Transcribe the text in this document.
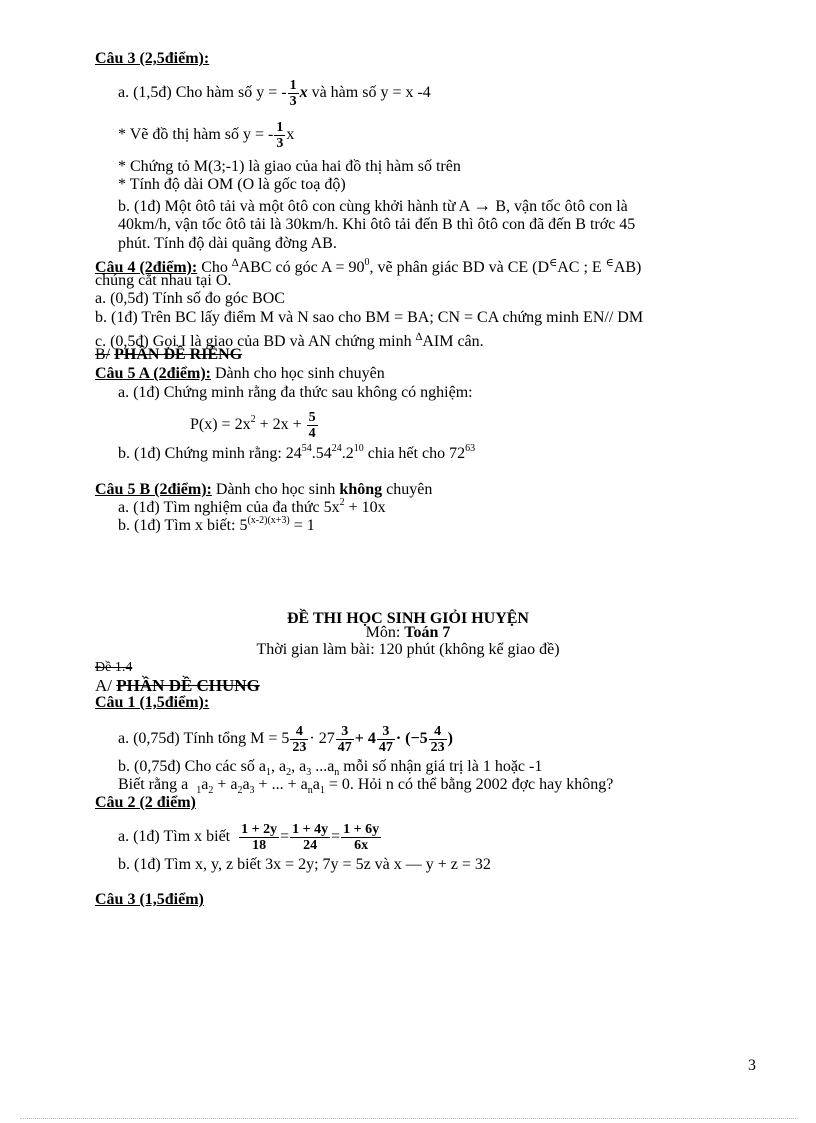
Câu 3 (2,5điểm):
a. (1,5đ) Cho hàm số y = - $\frac{1}{3}$ x và hàm số y = x -4
* Vẽ đồ thị hàm số y = - $\frac{1}{3}$ x
* Chứng tỏ M(3;-1) là giao của hai đồ thị hàm số trên
* Tính độ dài OM (O là gốc toạ độ)
b. (1đ) Một ôtô tải và một ôtô con cùng khởi hành từ A → B, vận tốc ôtô con là
40km/h, vận tốc ôtô tải là 30km/h. Khi ôtô tải đến B thì ôtô con đã đến B trớc 45
phút. Tính độ dài quãng đờng AB.
Câu 4 (2điểm): Cho ∆ABC có góc $A = 90^0$, vẽ phân giác BD và CE (D∈AC ; E ∈AB)
chúng cắt nhau tại O.
a. (0,5đ) Tính số đo góc BOC
b. (1đ) Trên BC lấy điểm M và N sao cho BM = BA; CN = CA chứng minh EN// DM
c. (0,5đ) Gọi I là giao của BD và AN chứng minh ∆AIM cân.
B/ PHẦN ĐỀ RIÊNG
Câu 5 A (2điểm): Dành cho học sinh chuyên
a. (1đ) Chứng minh rằng đa thức sau không có nghiệm:
$P(x) = 2x^2 + 2x + \frac{5}{4}$
b. (1đ) Chứng minh rằng: $24^{54}.54^{24}.2^{10}$ chia hết cho $72^{63}$
Câu 5 B (2điểm): Dành cho học sinh không chuyên
a. (1đ) Tìm nghiệm của đa thức $5x^2 + 10x$
b. (1đ) Tìm x biết: $5^{(x-2)(x+3)} = 1$
ĐỀ THI HỌC SINH GIỎI HUYỆN
Môn: Toán 7
Thời gian làm bài: 120 phút (không kể giao đề)
Đề 1.4
A/ PHẦN ĐỀ CHUNG
Câu 1 (1,5điểm):
a. (0,75đ) Tính tổng $M = 5 \frac{4}{23} \cdot 27 \frac{3}{47} + 4 \frac{3}{47} \cdot (-5 \frac{4}{23}$ )
b. (0,75đ) Cho các số $a_1$, $a_2$, $a_3$ $...a_n$ mỗi số nhận giá trị là 1 hoặc -1
Biết rằng a $_1a_2 + a_2a_3$ + ... + $a_na_1 = 0$. Hỏi n có thể bằng 2002 đợc hay không?
Câu 2 (2 điểm)
a. (1đ) Tìm x biết $\frac{1 + 2y}{18} = \frac{1 + 4y}{24} = \frac{1 + 6y}{6x}$
b. (1đ) Tìm x, y, z biết 3x = 2y; 7y = 5z và x — y + z = 32
Câu 3 (1,5điểm)
3
